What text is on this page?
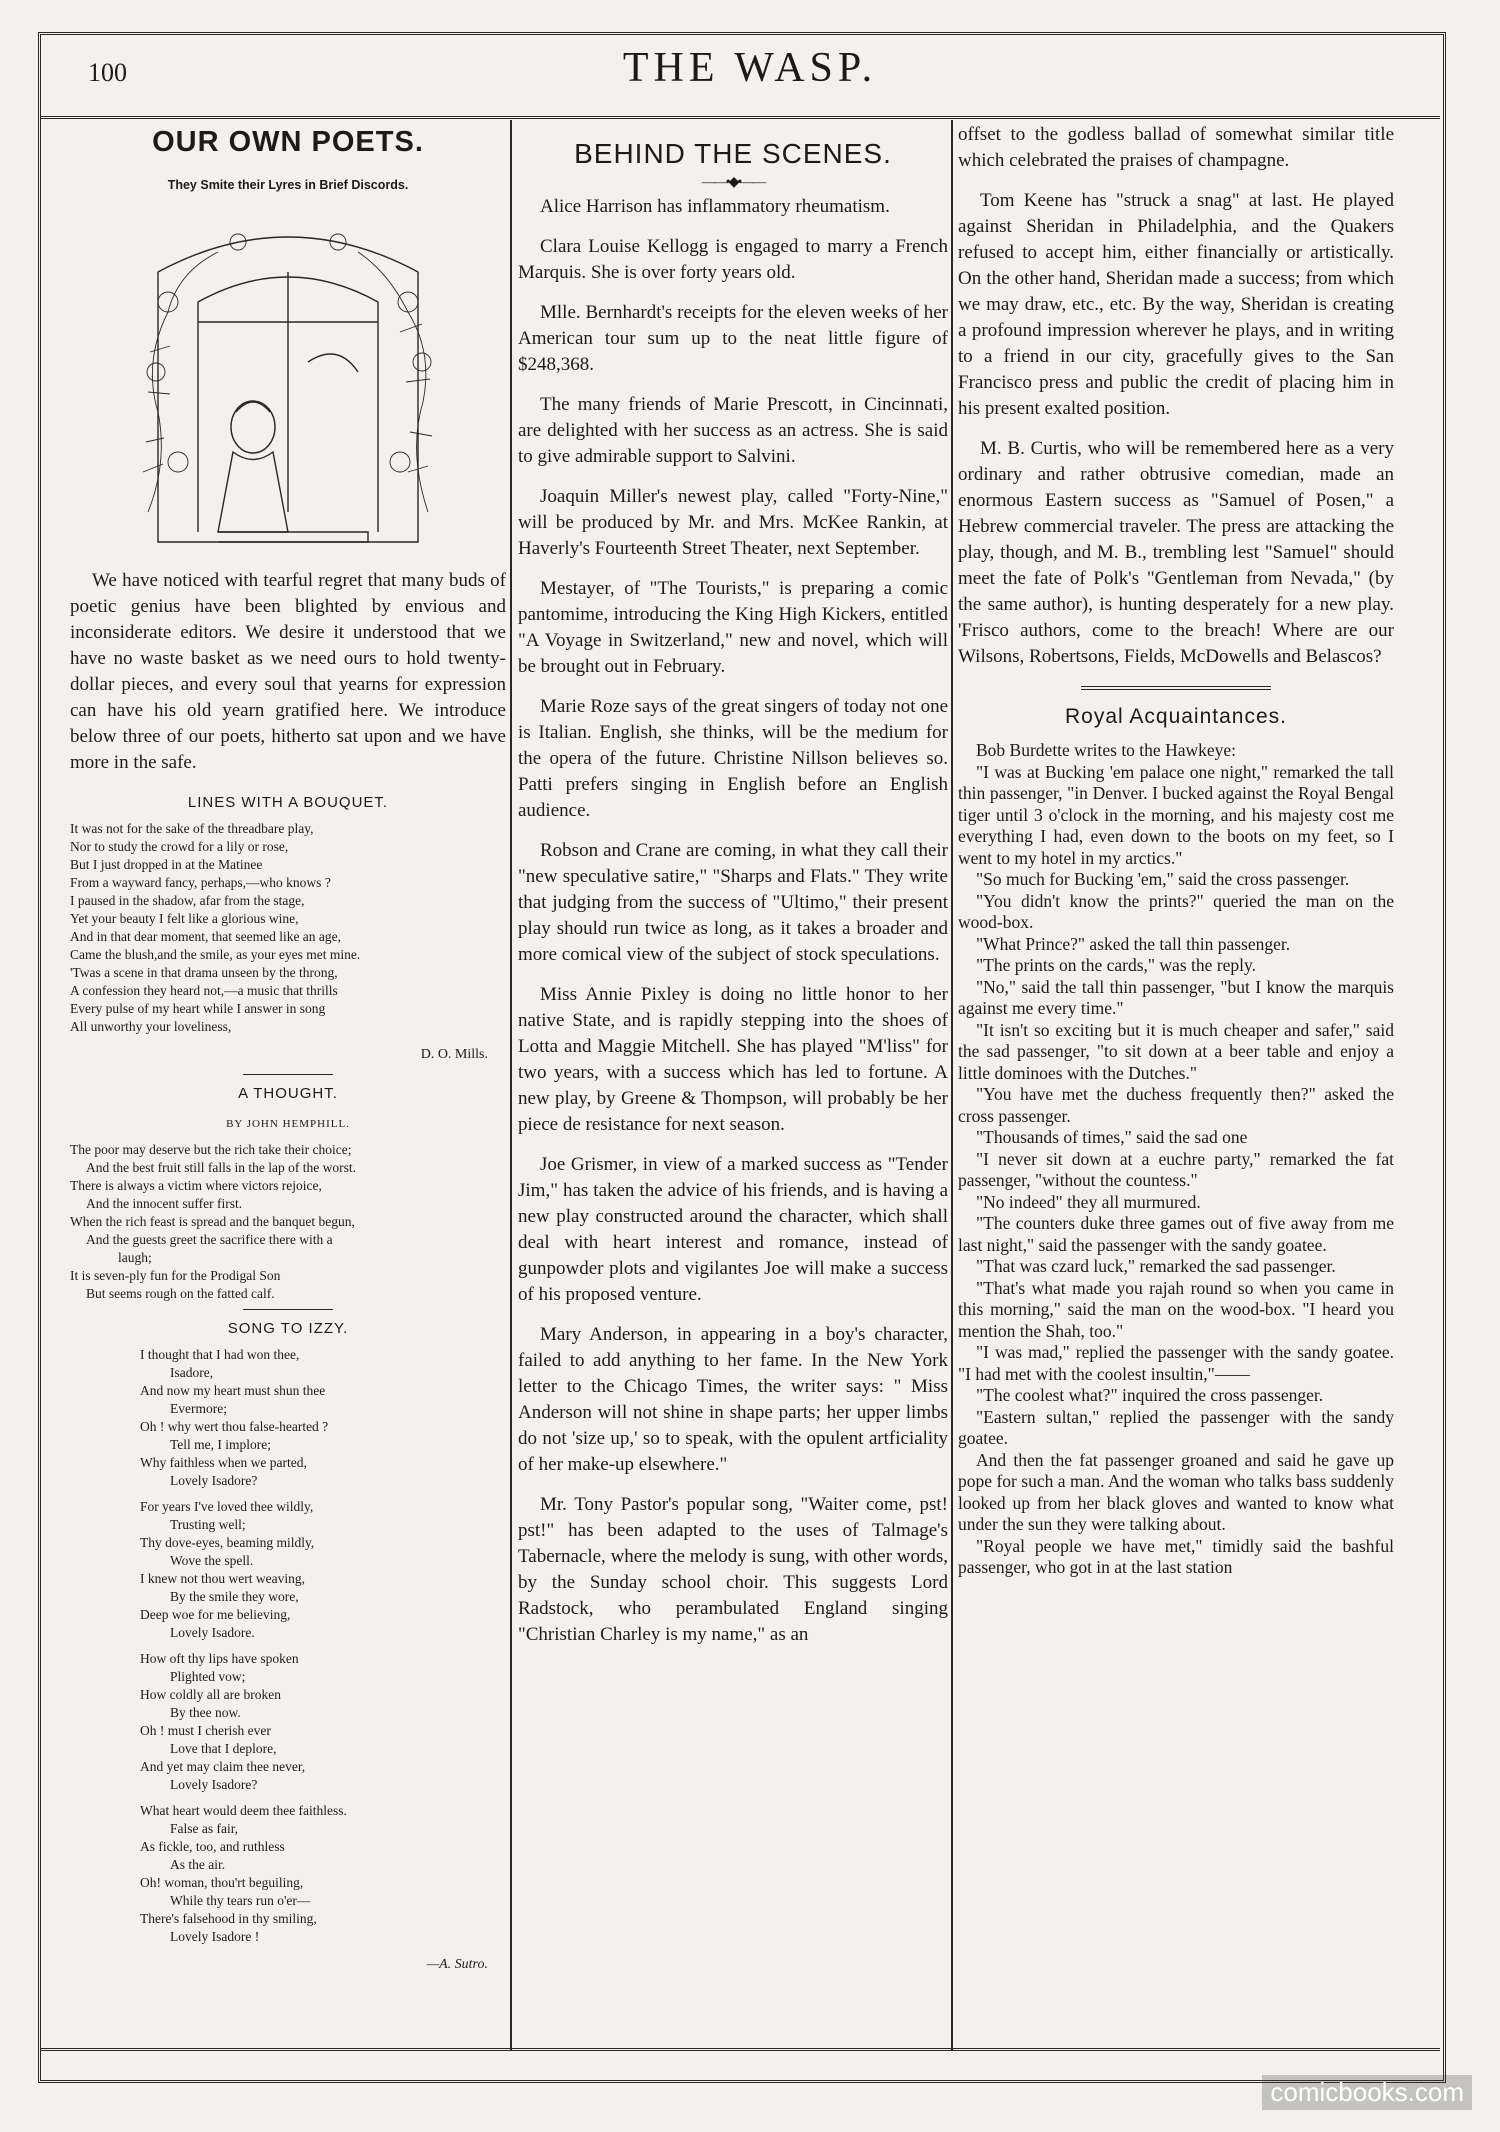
100	THE WASP.
OUR OWN POETS.
They Smite their Lyres in Brief Discords.

We have noticed with tearful regret that many buds of poetic genius have been blighted by envious and inconsiderate editors. We desire it understood that we have no waste basket as we need ours to hold twenty-dollar pieces, and every soul that yearns for expression can have his old yearn gratified here. We introduce below three of our poets, hitherto sat upon and we have more in the safe.

LINES WITH A BOUQUET.
It was not for the sake of the threadbare play,
Nor to study the crowd for a lily or rose,
But I just dropped in at the Matinee
From a wayward fancy, perhaps,—who knows ?
I paused in the shadow, afar from the stage,
Yet your beauty I felt like a glorious wine,
And in that dear moment, that seemed like an age,
Came the blush,and the smile, as your eyes met mine.
'Twas a scene in that drama unseen by the throng,
A confession they heard not,—a music that thrills
Every pulse of my heart while I answer in song
All unworthy your loveliness,
D. O. Mills.
A THOUGHT.
BY JOHN HEMPHILL.
The poor may deserve but the rich take their choice;
And the best fruit still falls in the lap of the worst.
There is always a victim where victors rejoice,
And the innocent suffer first.
When the rich feast is spread and the banquet begun,
And the guests greet the sacrifice there with a
laugh;
It is seven-ply fun for the Prodigal Son
But seems rough on the fatted calf.
SONG TO IZZY.
I thought that I had won thee,
Isadore,
And now my heart must shun thee
Evermore;
Oh ! why wert thou false-hearted ?
Tell me, I implore;
Why faithless when we parted,
Lovely Isadore?
For years I've loved thee wildly,
Trusting well;
Thy dove-eyes, beaming mildly,
Wove the spell.
I knew not thou wert weaving,
By the smile they wore,
Deep woe for me believing,
Lovely Isadore.
How oft thy lips have spoken
Plighted vow;
How coldly all are broken
By thee now.
Oh ! must I cherish ever
Love that I deplore,
And yet may claim thee never,
Lovely Isadore?
What heart would deem thee faithless.
False as fair,
As fickle, too, and ruthless
As the air.
Oh! woman, thou'rt beguiling,
While thy tears run o'er—
There's falsehood in thy smiling,
Lovely Isadore !
—A. Sutro.
BEHIND THE SCENES.
——•◆•——

Alice Harrison has inflammatory rheumatism.

Clara Louise Kellogg is engaged to marry a French Marquis. She is over forty years old.

Mlle. Bernhardt's receipts for the eleven weeks of her American tour sum up to the neat little figure of $248,368.

The many friends of Marie Prescott, in Cincinnati, are delighted with her success as an actress. She is said to give admirable support to Salvini.

Joaquin Miller's newest play, called "Forty-Nine," will be produced by Mr. and Mrs. McKee Rankin, at Haverly's Fourteenth Street Theater, next September.

Mestayer, of "The Tourists," is preparing a comic pantomime, introducing the King High Kickers, entitled "A Voyage in Switzerland," new and novel, which will be brought out in February.

Marie Roze says of the great singers of today not one is Italian. English, she thinks, will be the medium for the opera of the future. Christine Nillson believes so. Patti prefers singing in English before an English audience.

Robson and Crane are coming, in what they call their "new speculative satire," "Sharps and Flats." They write that judging from the success of "Ultimo," their present play should run twice as long, as it takes a broader and more comical view of the subject of stock speculations.

Miss Annie Pixley is doing no little honor to her native State, and is rapidly stepping into the shoes of Lotta and Maggie Mitchell. She has played "M'liss" for two years, with a success which has led to fortune. A new play, by Greene & Thompson, will probably be her piece de resistance for next season.

Joe Grismer, in view of a marked success as "Tender Jim," has taken the advice of his friends, and is having a new play constructed around the character, which shall deal with heart interest and romance, instead of gunpowder plots and vigilantes Joe will make a success of his proposed venture.

Mary Anderson, in appearing in a boy's character, failed to add anything to her fame. In the New York letter to the Chicago Times, the writer says: " Miss Anderson will not shine in shape parts; her upper limbs do not 'size up,' so to speak, with the opulent artficiality of her make-up elsewhere."

Mr. Tony Pastor's popular song, "Waiter come, pst! pst!" has been adapted to the uses of Talmage's Tabernacle, where the melody is sung, with other words, by the Sunday school choir. This suggests Lord Radstock, who perambulated England singing "Christian Charley is my name," as an

offset to the godless ballad of somewhat similar title which celebrated the praises of champagne.

Tom Keene has "struck a snag" at last. He played against Sheridan in Philadelphia, and the Quakers refused to accept him, either financially or artistically. On the other hand, Sheridan made a success; from which we may draw, etc., etc. By the way, Sheridan is creating a profound impression wherever he plays, and in writing to a friend in our city, gracefully gives to the San Francisco press and public the credit of placing him in his present exalted position.

M. B. Curtis, who will be remembered here as a very ordinary and rather obtrusive comedian, made an enormous Eastern success as "Samuel of Posen," a Hebrew commercial traveler. The press are attacking the play, though, and M. B., trembling lest "Samuel" should meet the fate of Polk's "Gentleman from Nevada," (by the same author), is hunting desperately for a new play. 'Frisco authors, come to the breach! Where are our Wilsons, Robertsons, Fields, McDowells and Belascos?

Royal Acquaintances.
Bob Burdette writes to the Hawkeye:
"I was at Bucking 'em palace one night," remarked the tall thin passenger, "in Denver. I bucked against the Royal Bengal tiger until 3 o'clock in the morning, and his majesty cost me everything I had, even down to the boots on my feet, so I went to my hotel in my arctics."
"So much for Bucking 'em," said the cross passenger.
"You didn't know the prints?" queried the man on the wood-box.
"What Prince?" asked the tall thin passenger.
"The prints on the cards," was the reply.
"No," said the tall thin passenger, "but I know the marquis against me every time."
"It isn't so exciting but it is much cheaper and safer," said the sad passenger, "to sit down at a beer table and enjoy a little dominoes with the Dutches."
"You have met the duchess frequently then?" asked the cross passenger.
"Thousands of times," said the sad one
"I never sit down at a euchre party," remarked the fat passenger, "without the countess."
"No indeed" they all murmured.
"The counters duke three games out of five away from me last night," said the passenger with the sandy goatee.
"That was czard luck," remarked the sad passenger.
"That's what made you rajah round so when you came in this morning," said the man on the wood-box. "I heard you mention the Shah, too."
"I was mad," replied the passenger with the sandy goatee. "I had met with the coolest insultin,"——
"The coolest what?" inquired the cross passenger.
"Eastern sultan," replied the passenger with the sandy goatee.
And then the fat passenger groaned and said he gave up pope for such a man. And the woman who talks bass suddenly looked up from her black gloves and wanted to know what under the sun they were talking about.
"Royal people we have met," timidly said the bashful passenger, who got in at the last station
comicbooks.com
